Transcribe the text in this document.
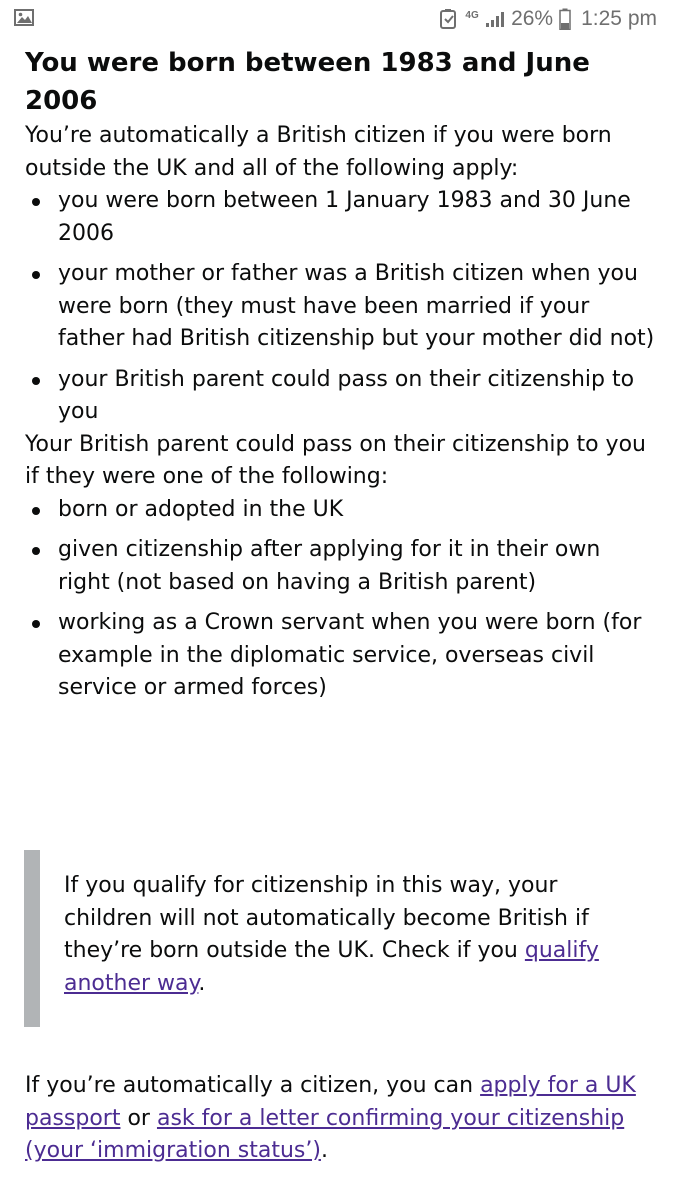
4G 26% 1:25 pm
You were born between 1983 and June 2006

You’re automatically a British citizen if you were born outside the UK and all of the following apply:

you were born between 1 January 1983 and 30 June 2006
your mother or father was a British citizen when you were born (they must have been married if your father had British citizenship but your mother did not)
your British parent could pass on their citizenship to you

Your British parent could pass on their citizenship to you if they were one of the following:

born or adopted in the UK
given citizenship after applying for it in their own right (not based on having a British parent)
working as a Crown servant when you were born (for example in the diplomatic service, overseas civil service or armed forces)

If you qualify for citizenship in this way, your children will not automatically become British if they’re born outside the UK. Check if you qualify another way.

If you’re automatically a citizen, you can apply for a UK passport or ask for a letter confirming your citizenship (your ‘immigration status’).
